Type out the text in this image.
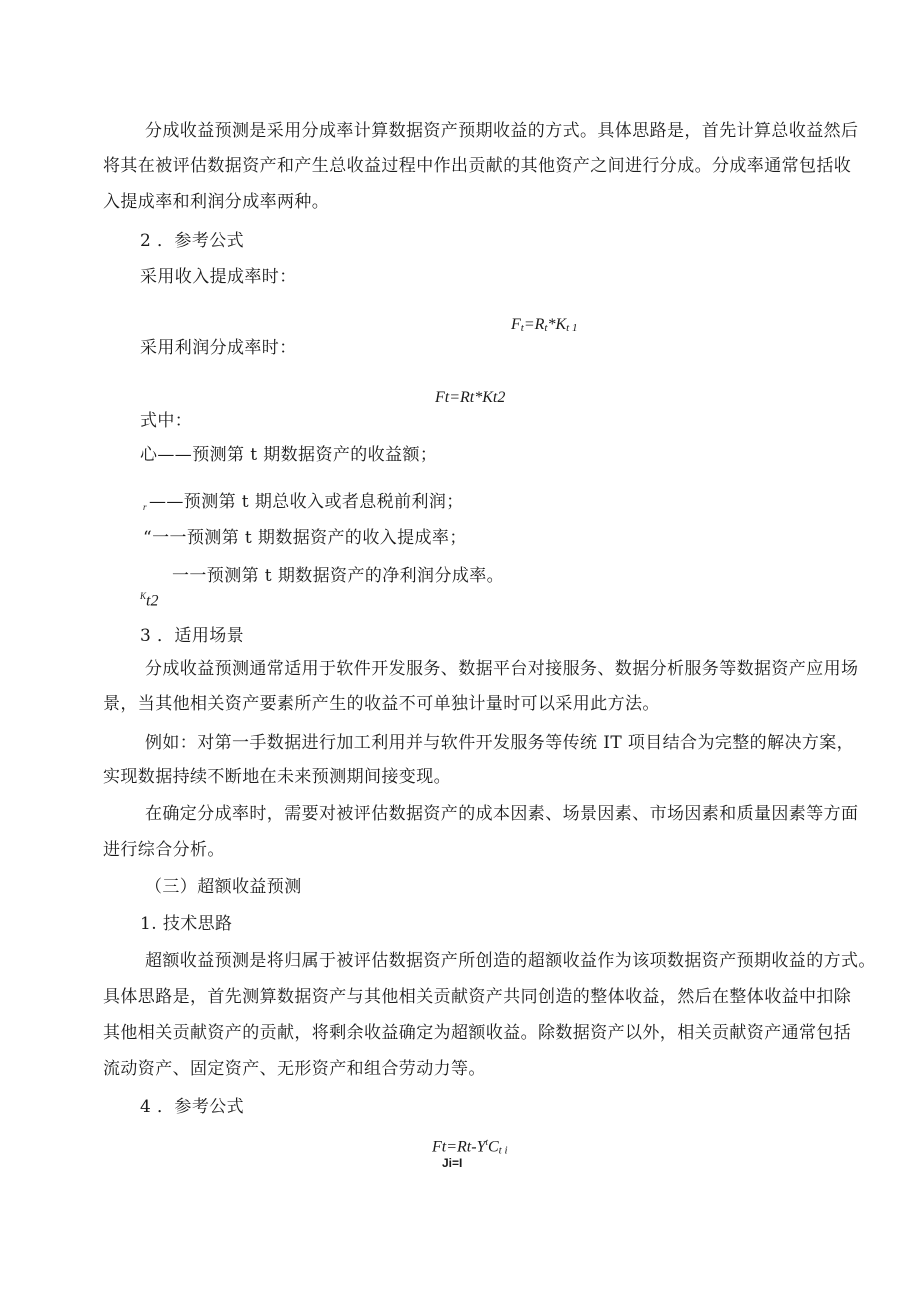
分成收益预测是采用分成率计算数据资产预期收益的方式。具体思路是，首先计算总收益然后
将其在被评估数据资产和产生总收益过程中作出贡献的其他资产之间进行分成。分成率通常包括收
入提成率和利润分成率两种。
2 ．参考公式
采用收入提成率时：
$F_t=R_t*K_{t 1}$
采用利润分成率时：
Ft=Rt*Kt2
式中：
心——预测第 t 期数据资产的收益额；
r ——预测第 t 期总收入或者息税前利润；
“一一预测第 t 期数据资产的收入提成率；
一一预测第 t 期数据资产的净利润分成率。
$^K$t2
3 ．适用场景
分成收益预测通常适用于软件开发服务、数据平台对接服务、数据分析服务等数据资产应用场
景，当其他相关资产要素所产生的收益不可单独计量时可以采用此方法。
例如：对第一手数据进行加工利用并与软件开发服务等传统 IT 项目结合为完整的解决方案，
实现数据持续不断地在未来预测期间接变现。
在确定分成率时，需要对被评估数据资产的成本因素、场景因素、市场因素和质量因素等方面
进行综合分析。
（三）超额收益预测
1. 技术思路
超额收益预测是将归属于被评估数据资产所创造的超额收益作为该项数据资产预期收益的方式。
具体思路是，首先测算数据资产与其他相关贡献资产共同创造的整体收益，然后在整体收益中扣除
其他相关贡献资产的贡献，将剩余收益确定为超额收益。除数据资产以外，相关贡献资产通常包括
流动资产、固定资产、无形资产和组合劳动力等。
4 ．参考公式
$Ft=Rt-Y^tC_{t i}$
Ji=I
